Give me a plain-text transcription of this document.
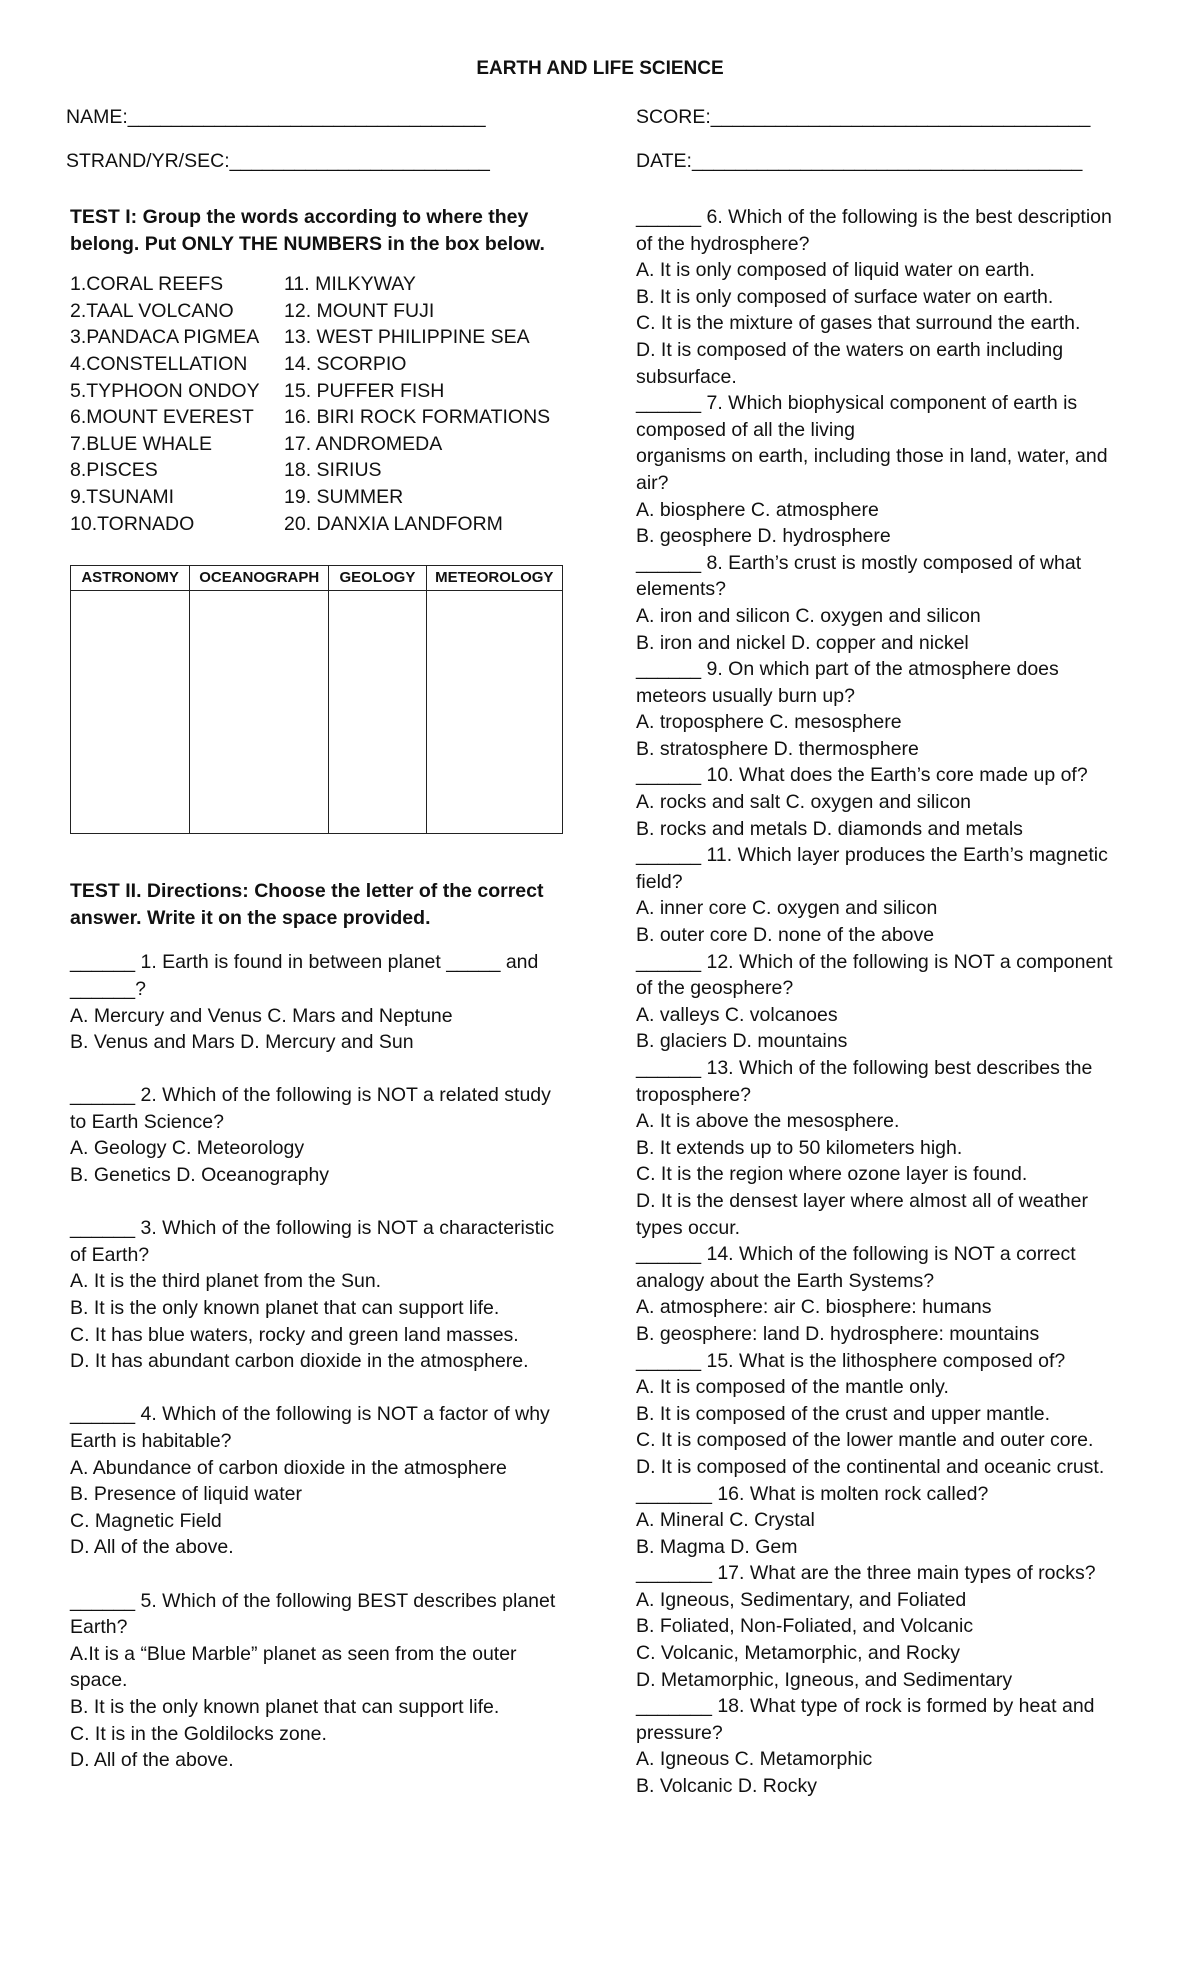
EARTH AND LIFE SCIENCE
NAME:_________________________________	SCORE:___________________________________
STRAND/YR/SEC:________________________	DATE:____________________________________
TEST I: Group the words according to where they
belong. Put ONLY THE NUMBERS in the box below.
1.CORAL REEFS
2.TAAL VOLCANO
3.PANDACA PIGMEA
4.CONSTELLATION
5.TYPHOON ONDOY
6.MOUNT EVEREST
7.BLUE WHALE
8.PISCES
9.TSUNAMI
10.TORNADO
11. MILKYWAY
12. MOUNT FUJI
13. WEST PHILIPPINE SEA
14. SCORPIO
15. PUFFER FISH
16. BIRI ROCK FORMATIONS
17. ANDROMEDA
18. SIRIUS
19. SUMMER
20. DANXIA LANDFORM
ASTRONOMY	OCEANOGRAPH	GEOLOGY	METEOROLOGY

TEST II. Directions: Choose the letter of the correct
answer. Write it on the space provided.
______ 1. Earth is found in between planet _____ and
______?
A. Mercury and Venus C. Mars and Neptune
B. Venus and Mars D. Mercury and Sun
______ 2. Which of the following is NOT a related study
to Earth Science?
A. Geology C. Meteorology
B. Genetics D. Oceanography
______ 3. Which of the following is NOT a characteristic
of Earth?
A. It is the third planet from the Sun.
B. It is the only known planet that can support life.
C. It has blue waters, rocky and green land masses.
D. It has abundant carbon dioxide in the atmosphere.
______ 4. Which of the following is NOT a factor of why
Earth is habitable?
A. Abundance of carbon dioxide in the atmosphere
B. Presence of liquid water
C. Magnetic Field
D. All of the above.
______ 5. Which of the following BEST describes planet
Earth?
A.It is a “Blue Marble” planet as seen from the outer
space.
B. It is the only known planet that can support life.
C. It is in the Goldilocks zone.
D. All of the above.
______ 6. Which of the following is the best description
of the hydrosphere?
A. It is only composed of liquid water on earth.
B. It is only composed of surface water on earth.
C. It is the mixture of gases that surround the earth.
D. It is composed of the waters on earth including
subsurface.
______ 7. Which biophysical component of earth is
composed of all the living
organisms on earth, including those in land, water, and
air?
A. biosphere C. atmosphere
B. geosphere D. hydrosphere
______ 8. Earth’s crust is mostly composed of what
elements?
A. iron and silicon C. oxygen and silicon
B. iron and nickel D. copper and nickel
______ 9. On which part of the atmosphere does
meteors usually burn up?
A. troposphere C. mesosphere
B. stratosphere D. thermosphere
______ 10. What does the Earth’s core made up of?
A. rocks and salt C. oxygen and silicon
B. rocks and metals D. diamonds and metals
______ 11. Which layer produces the Earth’s magnetic
field?
A. inner core C. oxygen and silicon
B. outer core D. none of the above
______ 12. Which of the following is NOT a component
of the geosphere?
A. valleys C. volcanoes
B. glaciers D. mountains
______ 13. Which of the following best describes the
troposphere?
A. It is above the mesosphere.
B. It extends up to 50 kilometers high.
C. It is the region where ozone layer is found.
D. It is the densest layer where almost all of weather
types occur.
______ 14. Which of the following is NOT a correct
analogy about the Earth Systems?
A. atmosphere: air C. biosphere: humans
B. geosphere: land D. hydrosphere: mountains
______ 15. What is the lithosphere composed of?
A. It is composed of the mantle only.
B. It is composed of the crust and upper mantle.
C. It is composed of the lower mantle and outer core.
D. It is composed of the continental and oceanic crust.
_______ 16. What is molten rock called?
A. Mineral C. Crystal
B. Magma D. Gem
_______ 17. What are the three main types of rocks?
A. Igneous, Sedimentary, and Foliated
B. Foliated, Non-Foliated, and Volcanic
C. Volcanic, Metamorphic, and Rocky
D. Metamorphic, Igneous, and Sedimentary
_______ 18. What type of rock is formed by heat and
pressure?
A. Igneous C. Metamorphic
B. Volcanic D. Rocky
